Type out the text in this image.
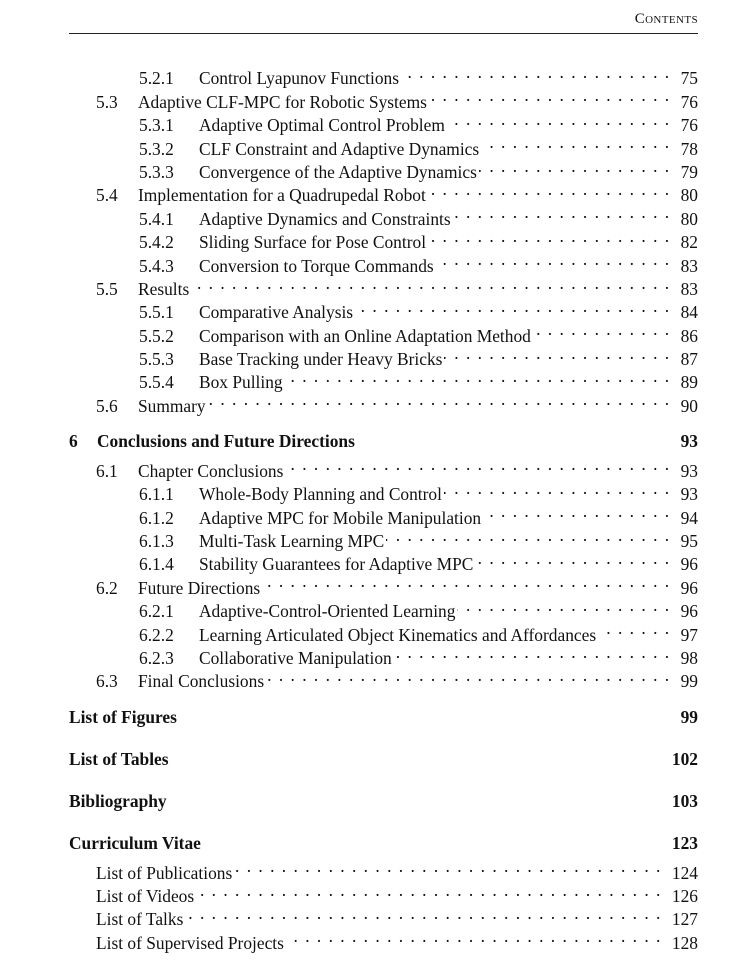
Contents
5.2.1	Control Lyapunov Functions . . .	75
5.3	Adaptive CLF-MPC for Robotic Systems . . .	76
5.3.1	Adaptive Optimal Control Problem . . .	76
5.3.2	CLF Constraint and Adaptive Dynamics . . .	78
5.3.3	Convergence of the Adaptive Dynamics . . .	79
5.4	Implementation for a Quadrupedal Robot . . .	80
5.4.1	Adaptive Dynamics and Constraints . . .	80
5.4.2	Sliding Surface for Pose Control . . .	82
5.4.3	Conversion to Torque Commands . . .	83
5.5	Results . . .	83
5.5.1	Comparative Analysis . . .	84
5.5.2	Comparison with an Online Adaptation Method . . .	86
5.5.3	Base Tracking under Heavy Bricks . . .	87
5.5.4	Box Pulling . . .	89
5.6	Summary . . .	90
6	Conclusions and Future Directions	93
6.1	Chapter Conclusions . . .	93
6.1.1	Whole-Body Planning and Control . . .	93
6.1.2	Adaptive MPC for Mobile Manipulation . . .	94
6.1.3	Multi-Task Learning MPC . . .	95
6.1.4	Stability Guarantees for Adaptive MPC . . .	96
6.2	Future Directions . . .	96
6.2.1	Adaptive-Control-Oriented Learning . . .	96
6.2.2	Learning Articulated Object Kinematics and Affordances . . .	97
6.2.3	Collaborative Manipulation . . .	98
6.3	Final Conclusions . . .	99
List of Figures	99
List of Tables	102
Bibliography	103
Curriculum Vitae	123
List of Publications . . .	124
List of Videos . . .	126
List of Talks . . .	127
List of Supervised Projects . . .	128
